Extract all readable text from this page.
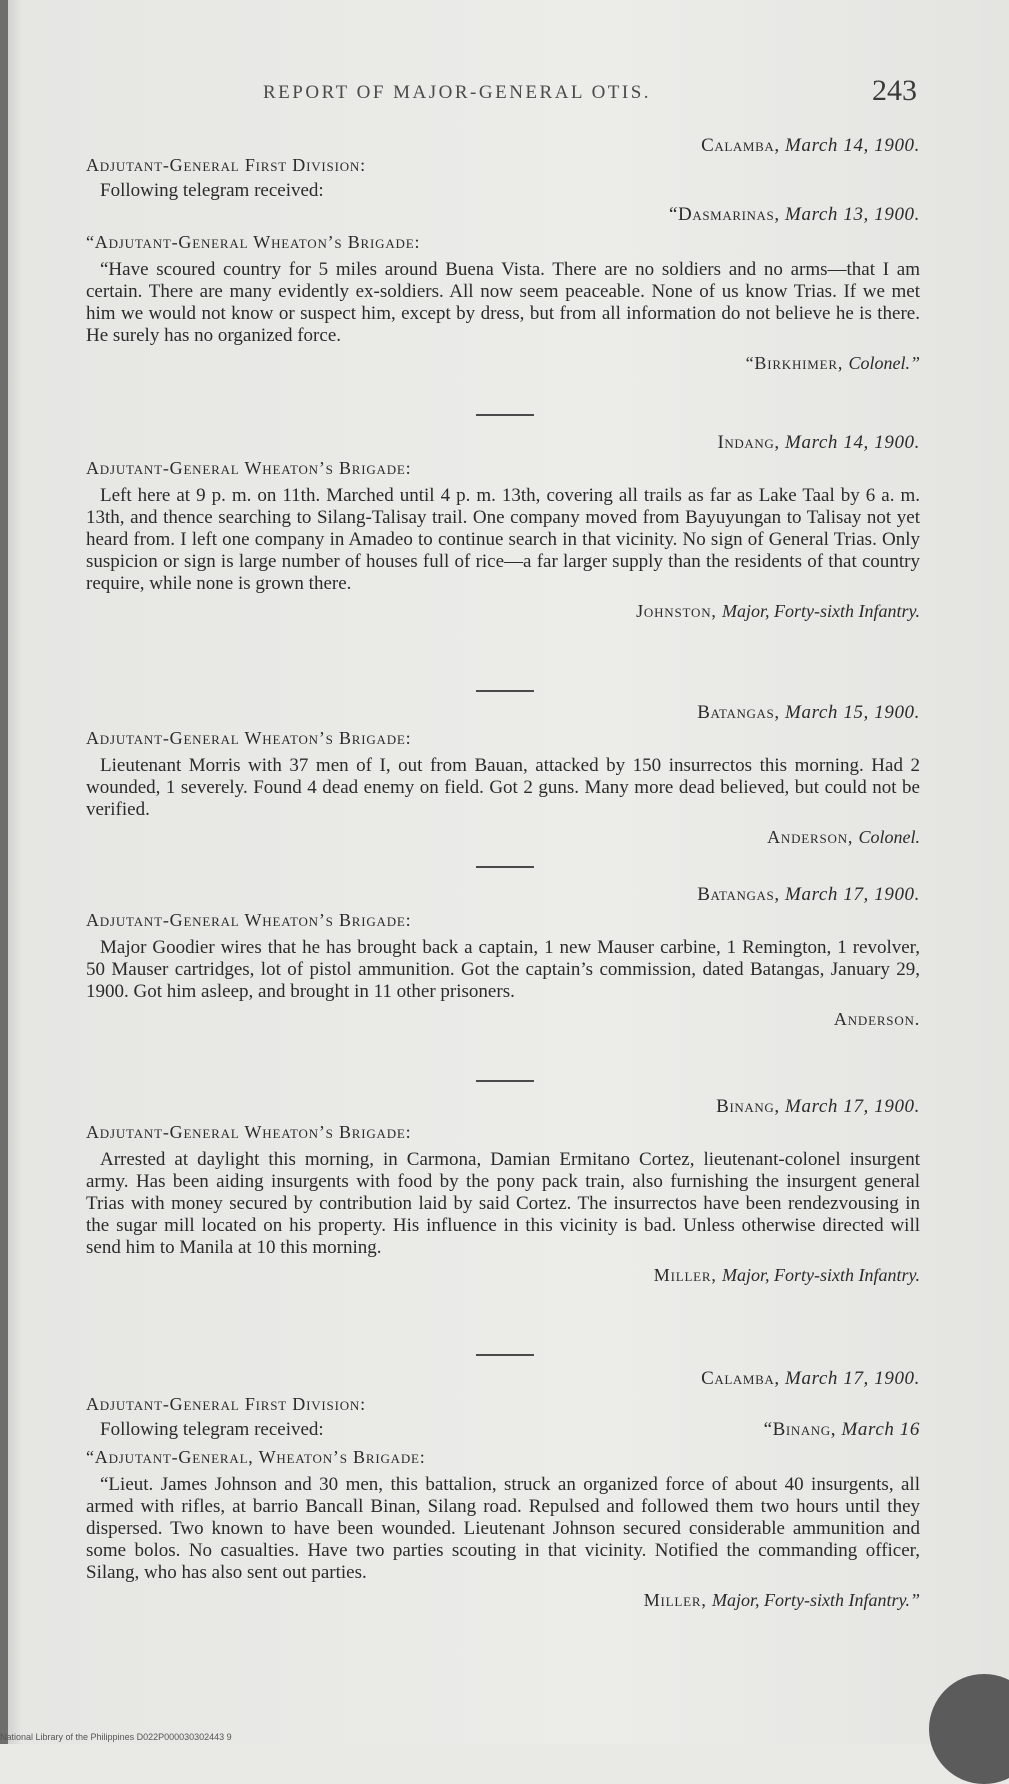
REPORT OF MAJOR-GENERAL OTIS.	243
Calamba, March 14, 1900.
Adjutant-General First Division:
Following telegram received:
“Dasmarinas, March 13, 1900.
“Adjutant-General Wheaton’s Brigade:
“Have scoured country for 5 miles around Buena Vista. There are no soldiers and no arms—that I am certain. There are many evidently ex-soldiers. All now seem peaceable. None of us know Trias. If we met him we would not know or suspect him, except by dress, but from all information do not believe he is there. He surely has no organized force.
“Birkhimer, Colonel.”
Indang, March 14, 1900.
Adjutant-General Wheaton’s Brigade:
Left here at 9 p. m. on 11th. Marched until 4 p. m. 13th, covering all trails as far as Lake Taal by 6 a. m. 13th, and thence searching to Silang-Talisay trail. One company moved from Bayuyungan to Talisay not yet heard from. I left one company in Amadeo to continue search in that vicinity. No sign of General Trias. Only suspicion or sign is large number of houses full of rice—a far larger supply than the residents of that country require, while none is grown there.
Johnston, Major, Forty-sixth Infantry.
Batangas, March 15, 1900.
Adjutant-General Wheaton’s Brigade:
Lieutenant Morris with 37 men of I, out from Bauan, attacked by 150 insurrectos this morning. Had 2 wounded, 1 severely. Found 4 dead enemy on field. Got 2 guns. Many more dead believed, but could not be verified.
Anderson, Colonel.
Batangas, March 17, 1900.
Adjutant-General Wheaton’s Brigade:
Major Goodier wires that he has brought back a captain, 1 new Mauser carbine, 1 Remington, 1 revolver, 50 Mauser cartridges, lot of pistol ammunition. Got the captain’s commission, dated Batangas, January 29, 1900. Got him asleep, and brought in 11 other prisoners.
Anderson.
Binang, March 17, 1900.
Adjutant-General Wheaton’s Brigade:
Arrested at daylight this morning, in Carmona, Damian Ermitano Cortez, lieutenant-colonel insurgent army. Has been aiding insurgents with food by the pony pack train, also furnishing the insurgent general Trias with money secured by contribution laid by said Cortez. The insurrectos have been rendezvousing in the sugar mill located on his property. His influence in this vicinity is bad. Unless otherwise directed will send him to Manila at 10 this morning.
Miller, Major, Forty-sixth Infantry.
Calamba, March 17, 1900.
Adjutant-General First Division:
Following telegram received:	“Binang, March 16
“Adjutant-General, Wheaton’s Brigade:
“Lieut. James Johnson and 30 men, this battalion, struck an organized force of about 40 insurgents, all armed with rifles, at barrio Bancall Binan, Silang road. Repulsed and followed them two hours until they dispersed. Two known to have been wounded. Lieutenant Johnson secured considerable ammunition and some bolos. No casualties. Have two parties scouting in that vicinity. Notified the commanding officer, Silang, who has also sent out parties.
Miller, Major, Forty-sixth Infantry.”
National Library of the Philippines D022P000030302443 9
